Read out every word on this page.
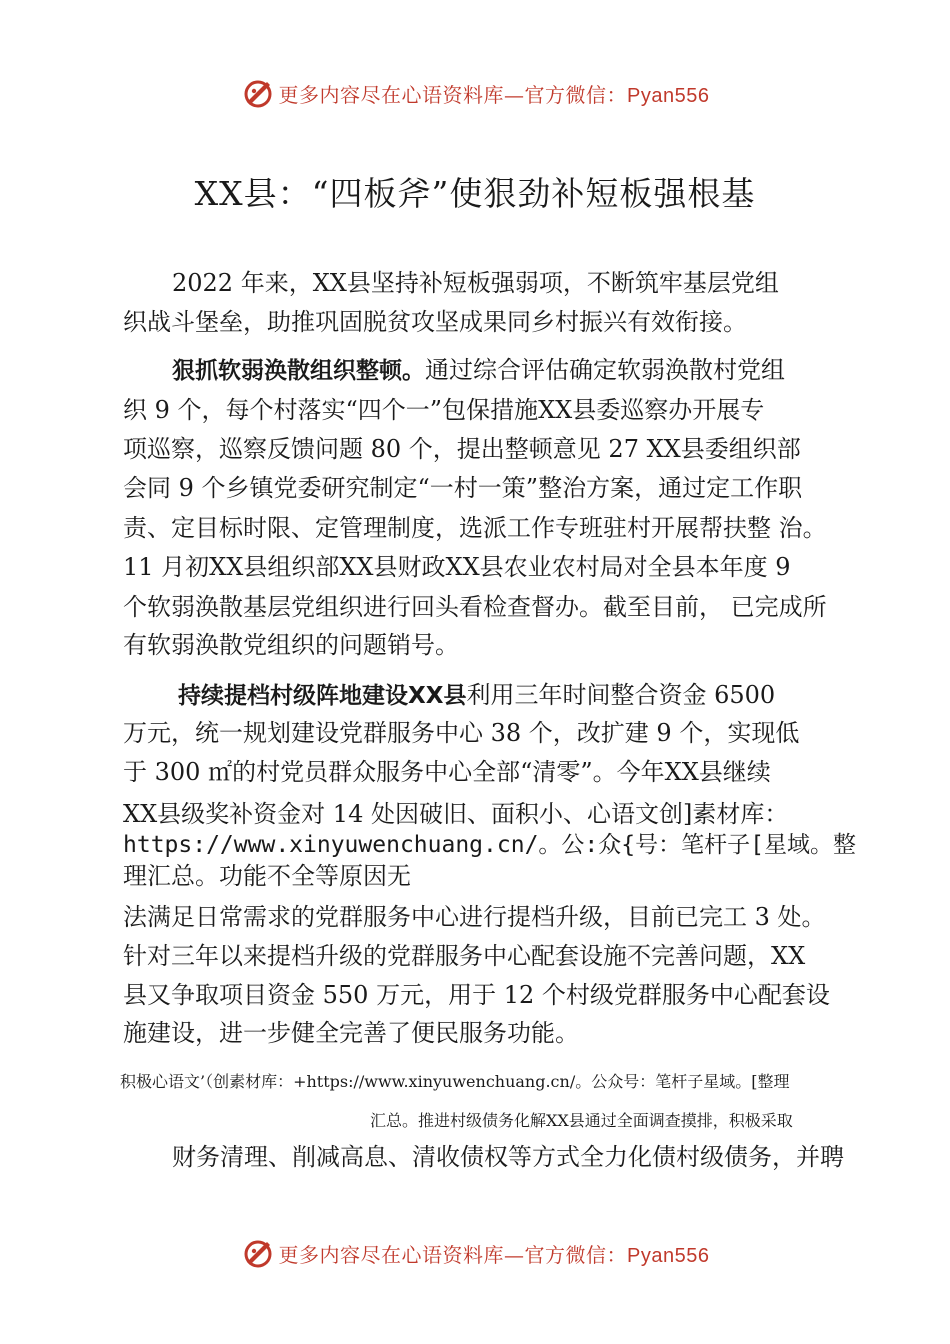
更多内容尽在心语资料库—官方微信：Pyan556
XX县：“四板斧”使狠劲补短板强根基
2022 年来，XX县坚持补短板强弱项，不断筑牢基层党组
织战斗堡垒，助推巩固脱贫攻坚成果同乡村振兴有效衔接。
狠抓软弱涣散组织整顿。通过综合评估确定软弱涣散村党组
织 9 个，每个村落实“四个一”包保措施XX县委巡察办开展专
项巡察，巡察反馈问题 80 个，提出整顿意见 27 XX县委组织部
会同 9 个乡镇党委研究制定“一村一策”整治方案，通过定工作职
责、定目标时限、定管理制度，选派工作专班驻村开展帮扶整 治。
11 月初XX县组织部XX县财政XX县农业农村局对全县本年度 9
个软弱涣散基层党组织进行回头看检查督办。截至目前， 已完成所
有软弱涣散党组织的问题销号。
持续提档村级阵地建设XX县利用三年时间整合资金 6500
万元，统一规划建设党群服务中心 38 个，改扩建 9 个，实现低
于 300 ㎡的村党员群众服务中心全部“清零”。今年XX县继续
XX县级奖补资金对 14 处因破旧、面积小、心语文创]素材库：
https://www.xinyuwenchuang.cn/。公:众{号：笔杆子[星域。整
理汇总。功能不全等原因无
法满足日常需求的党群服务中心进行提档升级，目前已完工 3 处。
针对三年以来提档升级的党群服务中心配套设施不完善问题，XX
县又争取项目资金 550 万元，用于 12 个村级党群服务中心配套设
施建设，进一步健全完善了便民服务功能。
积极心语文’（创素材库：+https://www.xinyuwenchuang.cn/。公众号：笔杆子星域。[整理
汇总。推进村级债务化解XX县通过全面调查摸排，积极采取
财务清理、削减高息、清收债权等方式全力化债村级债务，并聘
更多内容尽在心语资料库—官方微信：Pyan556
